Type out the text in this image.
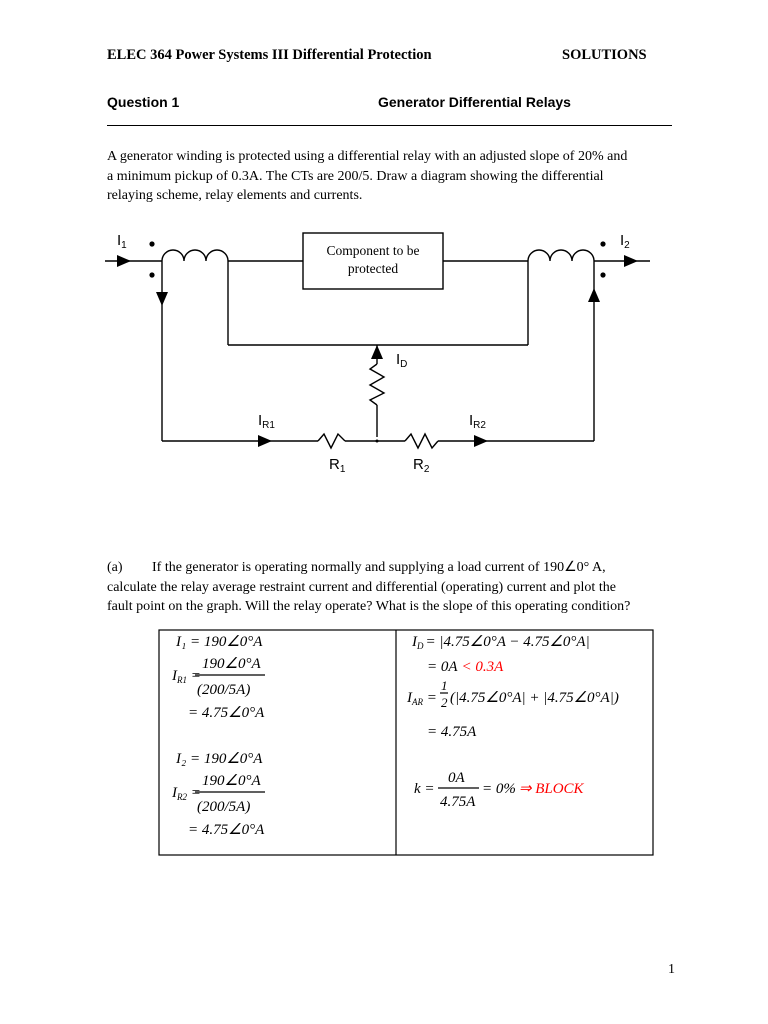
ELEC 364 Power Systems III Differential Protection	SOLUTIONS
Question 1	Generator Differential Relays
A generator winding is protected using a differential relay with an adjusted slope of 20% and
a minimum pickup of 0.3A. The CTs are 200/5. Draw a diagram showing the differential
relaying scheme, relay elements and currents.
Component to be
protected
$I_1$	$I_2$
$I_D$
$I_{R1}$	$I_{R2}$
$R_1$	$R_2$
(a) If the generator is operating normally and supplying a load current of 190∠0° A,
calculate the relay average restraint current and differential (operating) current and plot the
fault point on the graph. Will the relay operate? What is the slope of this operating condition?
I₁ = 190∠0°A
$I_{R1}$ =
190∠0°A
(200/5A)
= 4.75∠0°A
I₂ = 190∠0°A
$I_{R2}$ =
190∠0°A
(200/5A)
= 4.75∠0°A
$I_D$ = |4.75∠0°A − 4.75∠0°A|
= 0A < 0.3A
$I_{AR}$ =
1
2 (|4.75∠0°A| + |4.75∠0°A|)
= 4.75A
k =
0A
4.75A
= 0% ⇒ BLOCK
1
